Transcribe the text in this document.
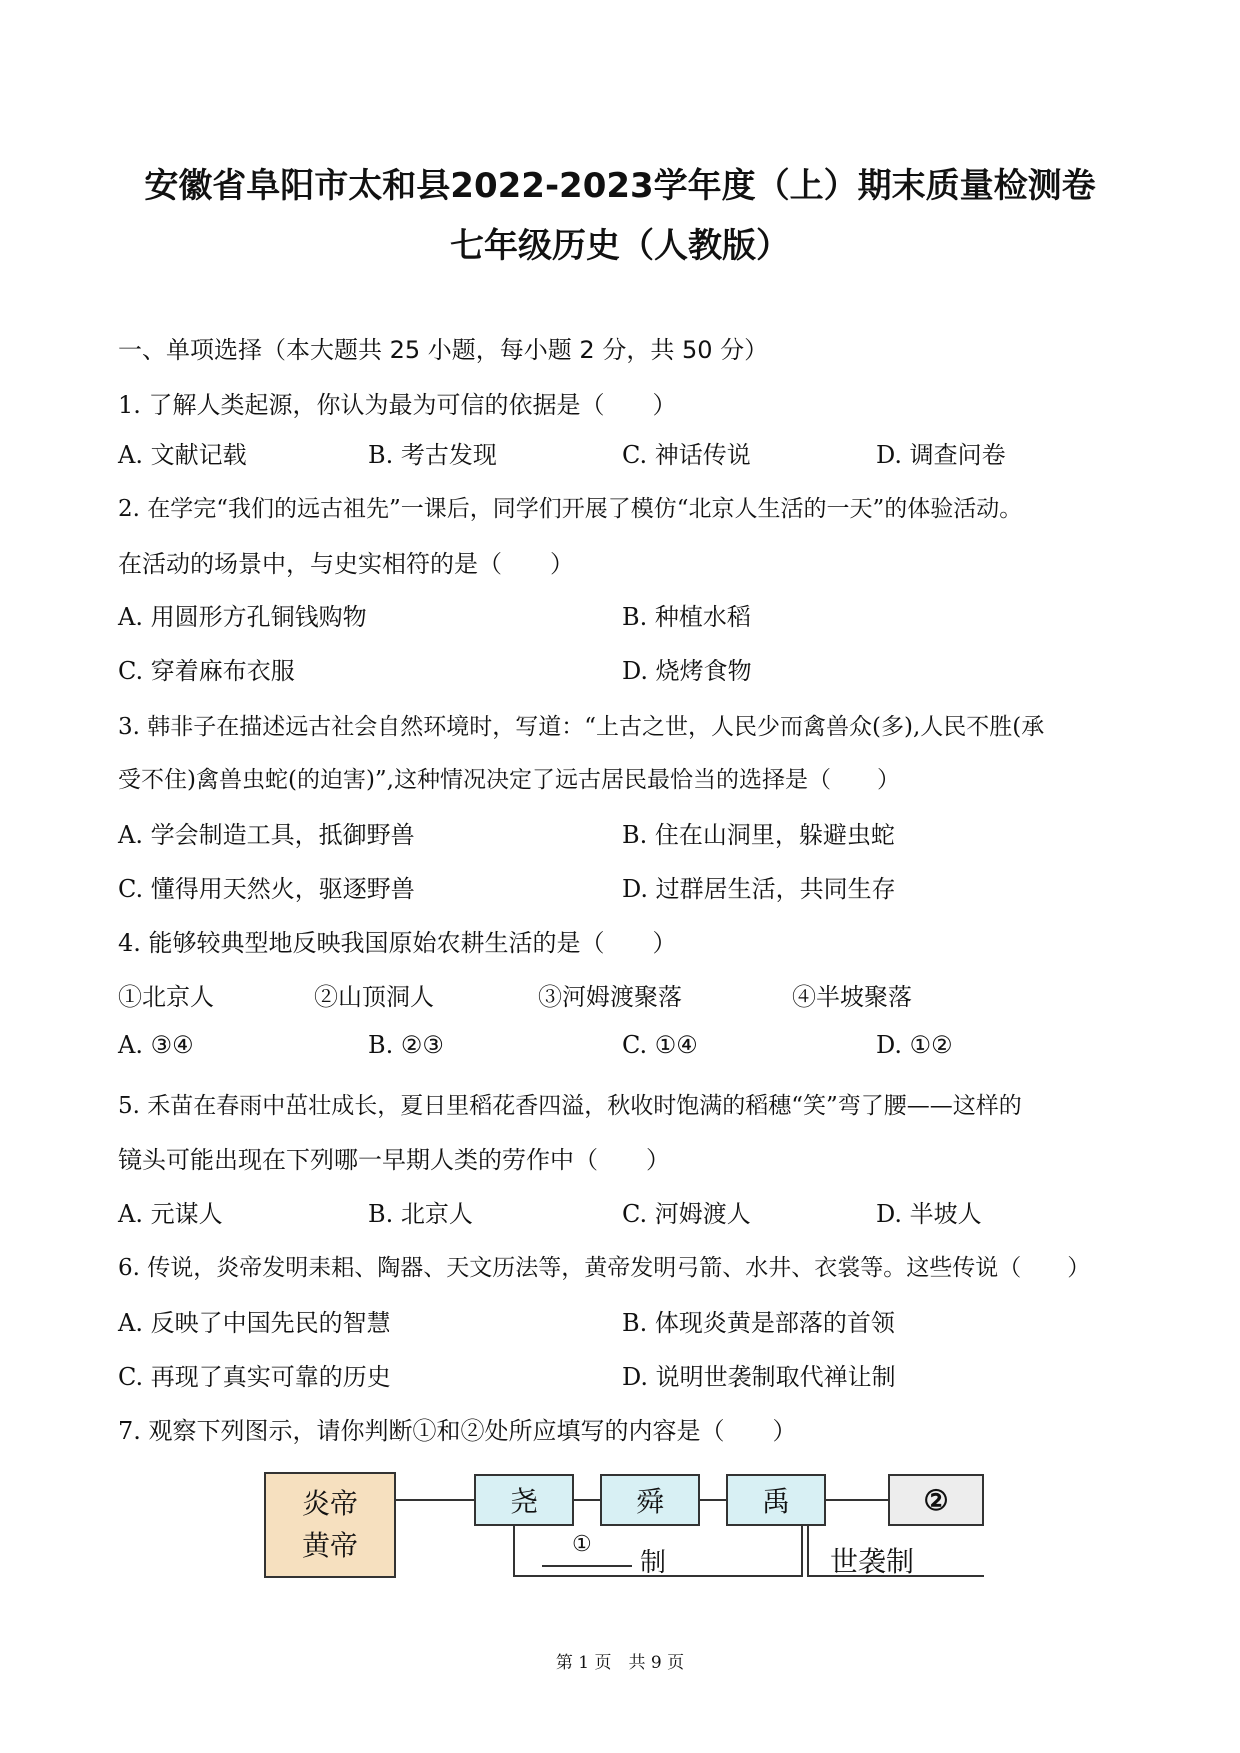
安徽省阜阳市太和县2022-2023学年度（上）期末质量检测卷
七年级历史（人教版）
一、单项选择（本大题共 25 小题，每小题 2 分，共 50 分）
1. 了解人类起源，你认为最为可信的依据是（　　）
A. 文献记载	B. 考古发现	C. 神话传说	D. 调查问卷
2. 在学完“我们的远古祖先”一课后，同学们开展了模仿“北京人生活的一天”的体验活动。
在活动的场景中，与史实相符的是（　　）
A. 用圆形方孔铜钱购物	B. 种植水稻
C. 穿着麻布衣服	D. 烧烤食物
3. 韩非子在描述远古社会自然环境时，写道：“上古之世，人民少而禽兽众(多),人民不胜(承
受不住)禽兽虫蛇(的迫害)”,这种情况决定了远古居民最恰当的选择是（　　）
A. 学会制造工具，抵御野兽	B. 住在山洞里，躲避虫蛇
C. 懂得用天然火，驱逐野兽	D. 过群居生活，共同生存
4. 能够较典型地反映我国原始农耕生活的是（　　）
①北京人	②山顶洞人	③河姆渡聚落	④半坡聚落
A. ③④	B. ②③	C. ①④	D. ①②
5. 禾苗在春雨中茁壮成长，夏日里稻花香四溢，秋收时饱满的稻穗“笑”弯了腰——这样的
镜头可能出现在下列哪一早期人类的劳作中（　　）
A. 元谋人	B. 北京人	C. 河姆渡人	D. 半坡人
6. 传说，炎帝发明耒耜、陶器、天文历法等，黄帝发明弓箭、水井、衣裳等。这些传说（　　）
A. 反映了中国先民的智慧	B. 体现炎黄是部落的首领
C. 再现了真实可靠的历史	D. 说明世袭制取代禅让制
7. 观察下列图示，请你判断①和②处所应填写的内容是（　　）
炎帝
黄帝
尧	舜	禹	②
①
制	世袭制
第 1 页　共 9 页
